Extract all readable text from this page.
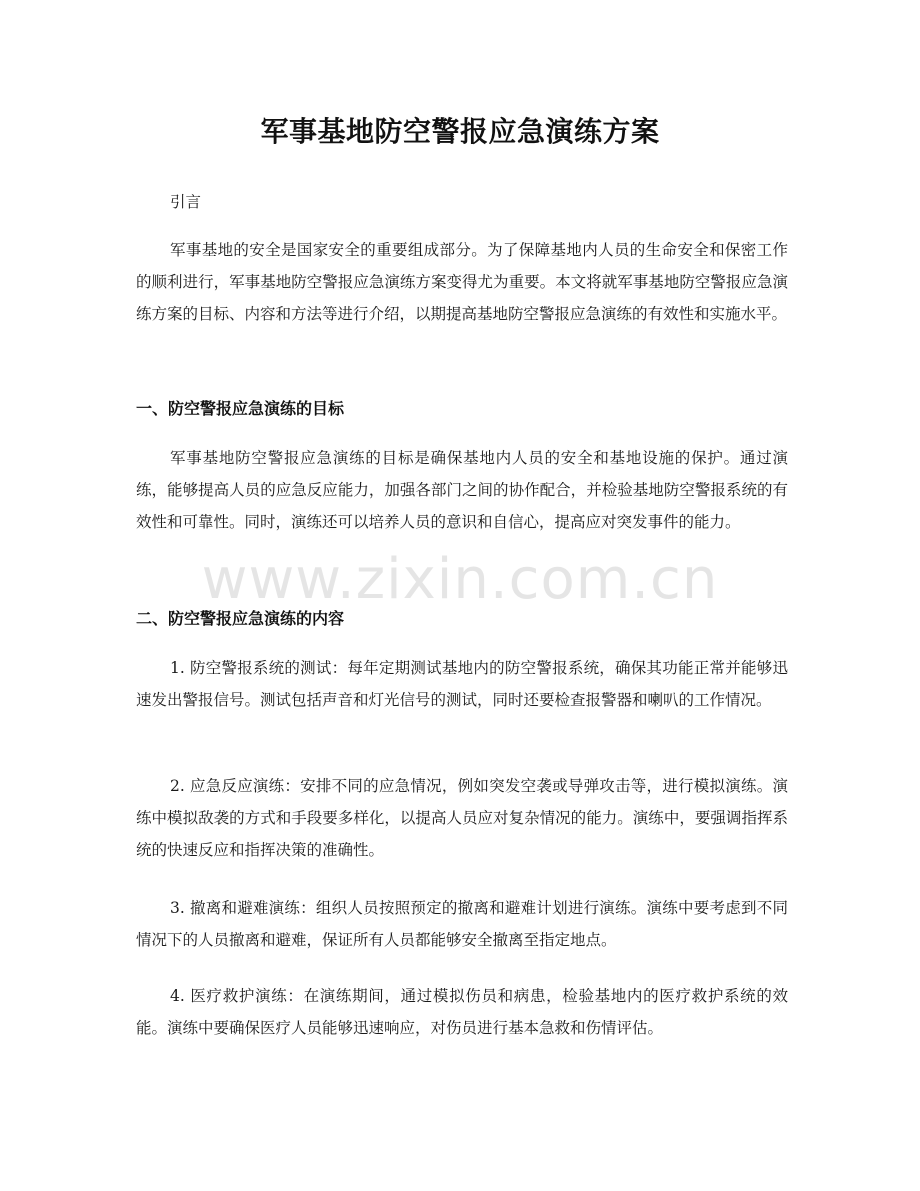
军事基地防空警报应急演练方案

引言

军事基地的安全是国家安全的重要组成部分。为了保障基地内人员的生命安全和保密工作的顺利进行，军事基地防空警报应急演练方案变得尤为重要。本文将就军事基地防空警报应急演练方案的目标、内容和方法等进行介绍，以期提高基地防空警报应急演练的有效性和实施水平。

一、防空警报应急演练的目标

军事基地防空警报应急演练的目标是确保基地内人员的安全和基地设施的保护。通过演练，能够提高人员的应急反应能力，加强各部门之间的协作配合，并检验基地防空警报系统的有效性和可靠性。同时，演练还可以培养人员的意识和自信心，提高应对突发事件的能力。

二、防空警报应急演练的内容

1. 防空警报系统的测试：每年定期测试基地内的防空警报系统，确保其功能正常并能够迅速发出警报信号。测试包括声音和灯光信号的测试，同时还要检查报警器和喇叭的工作情况。

2. 应急反应演练：安排不同的应急情况，例如突发空袭或导弹攻击等，进行模拟演练。演练中模拟敌袭的方式和手段要多样化，以提高人员应对复杂情况的能力。演练中，要强调指挥系统的快速反应和指挥决策的准确性。

3. 撤离和避难演练：组织人员按照预定的撤离和避难计划进行演练。演练中要考虑到不同情况下的人员撤离和避难，保证所有人员都能够安全撤离至指定地点。

4. 医疗救护演练：在演练期间，通过模拟伤员和病患，检验基地内的医疗救护系统的效能。演练中要确保医疗人员能够迅速响应，对伤员进行基本急救和伤情评估。

www.zixin.com.cn
